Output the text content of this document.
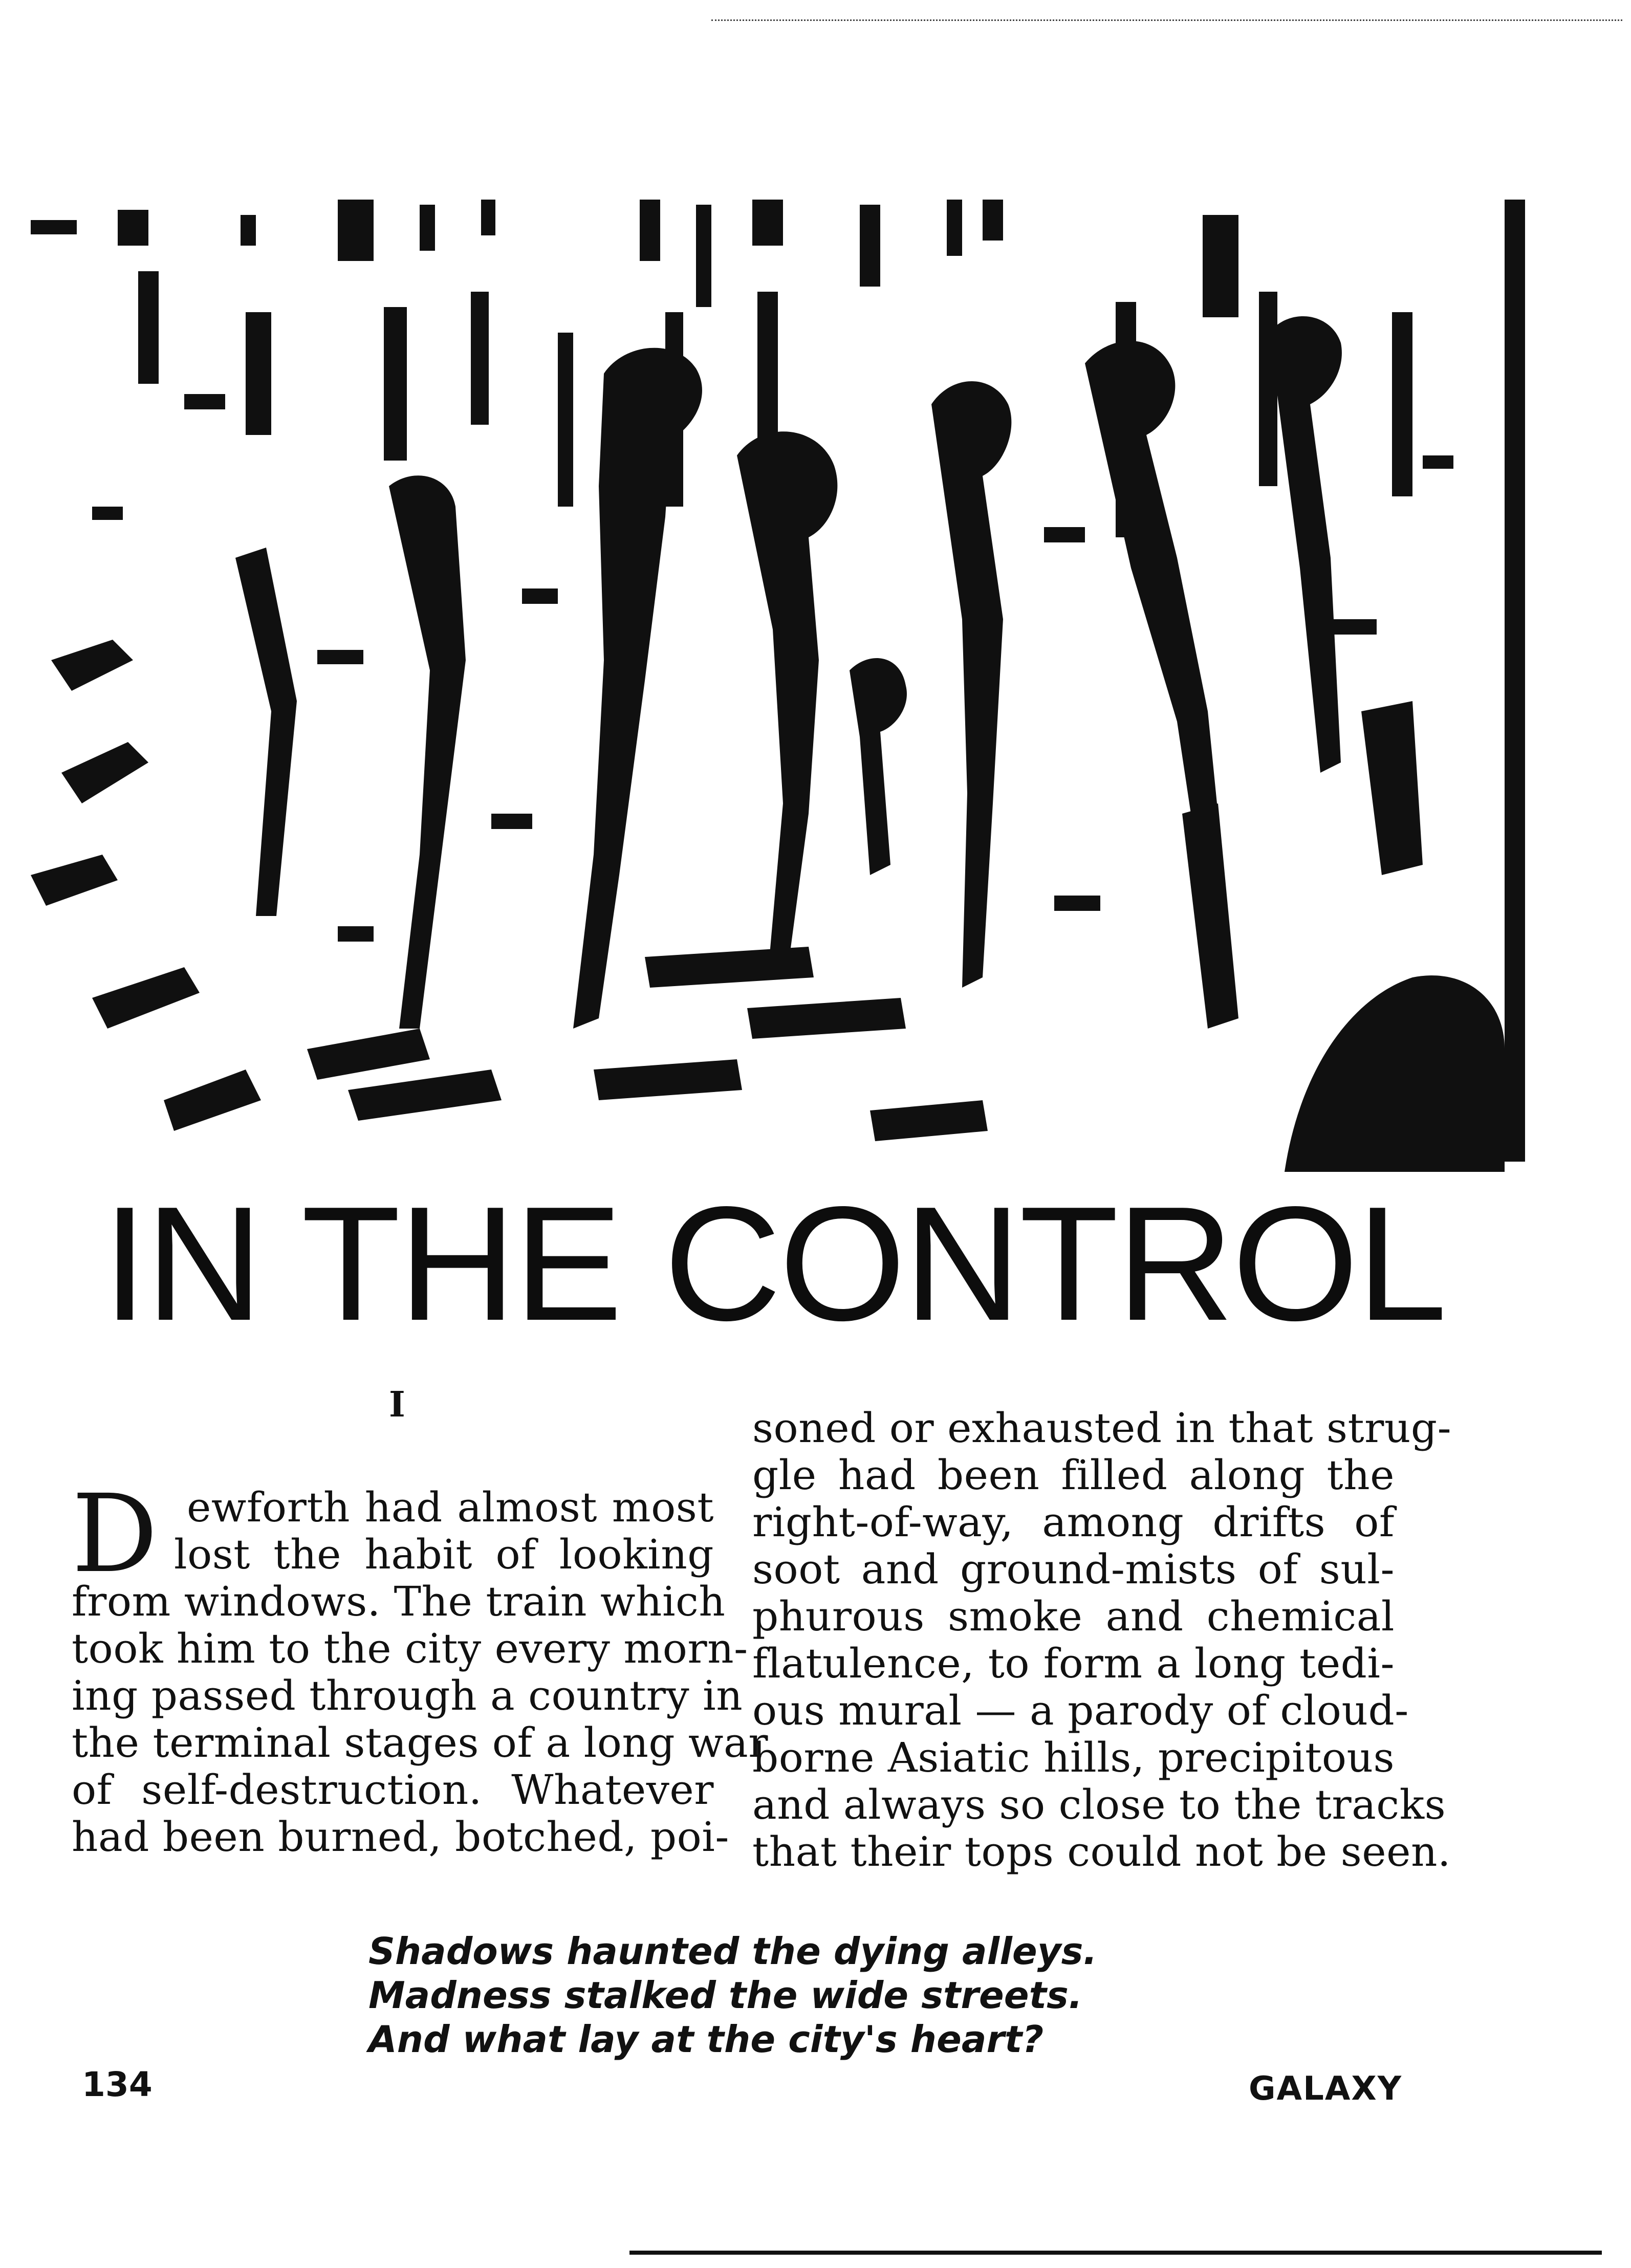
IN THE CONTROL
I
D ewforth had almost most
lost the habit of looking
from windows. The train which
took him to the city every morn-
ing passed through a country in
the terminal stages of a long war
of self-destruction. Whatever
had been burned, botched, poi-
soned or exhausted in that strug-
gle had been filled along the
right-of-way, among drifts of
soot and ground-mists of sul-
phurous smoke and chemical
flatulence, to form a long tedi-
ous mural — a parody of cloud-
borne Asiatic hills, precipitous
and always so close to the tracks
that their tops could not be seen.
Shadows haunted the dying alleys.
Madness stalked the wide streets.
And what lay at the city's heart?
134	GALAXY
